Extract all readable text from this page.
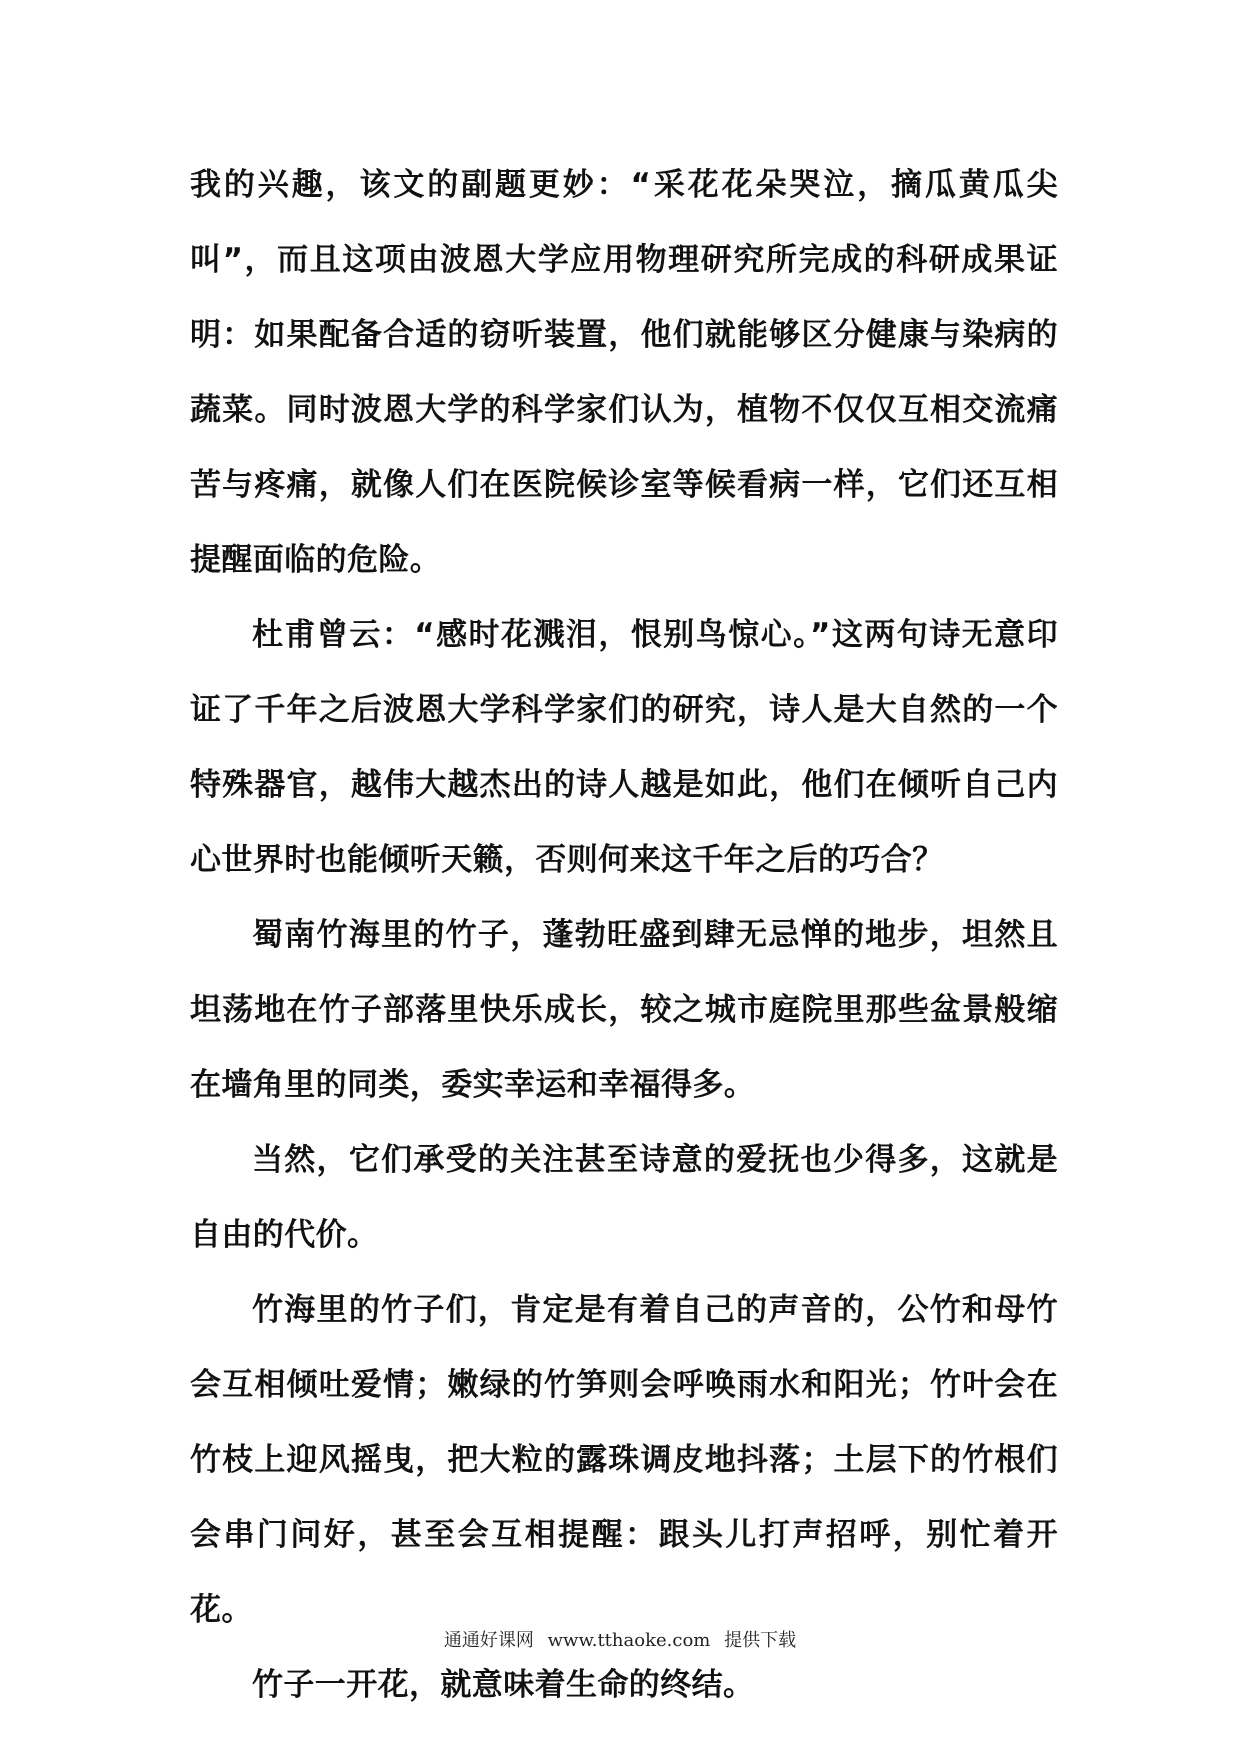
我的兴趣，该文的副题更妙：“采花花朵哭泣，摘瓜黄瓜尖叫”，而且这项由波恩大学应用物理研究所完成的科研成果证明：如果配备合适的窃听装置，他们就能够区分健康与染病的蔬菜。同时波恩大学的科学家们认为，植物不仅仅互相交流痛苦与疼痛，就像人们在医院候诊室等候看病一样，它们还互相提醒面临的危险。

杜甫曾云：“感时花溅泪，恨别鸟惊心。”这两句诗无意印证了千年之后波恩大学科学家们的研究，诗人是大自然的一个特殊器官，越伟大越杰出的诗人越是如此，他们在倾听自己内心世界时也能倾听天籁，否则何来这千年之后的巧合？

蜀南竹海里的竹子，蓬勃旺盛到肆无忌惮的地步，坦然且坦荡地在竹子部落里快乐成长，较之城市庭院里那些盆景般缩在墙角里的同类，委实幸运和幸福得多。

当然，它们承受的关注甚至诗意的爱抚也少得多，这就是自由的代价。

竹海里的竹子们，肯定是有着自己的声音的，公竹和母竹会互相倾吐爱情；嫩绿的竹笋则会呼唤雨水和阳光；竹叶会在竹枝上迎风摇曳，把大粒的露珠调皮地抖落；土层下的竹根们会串门问好，甚至会互相提醒：跟头儿打声招呼，别忙着开花。

竹子一开花，就意味着生命的终结。

通通好课网 www.tthaoke.com 提供下载
